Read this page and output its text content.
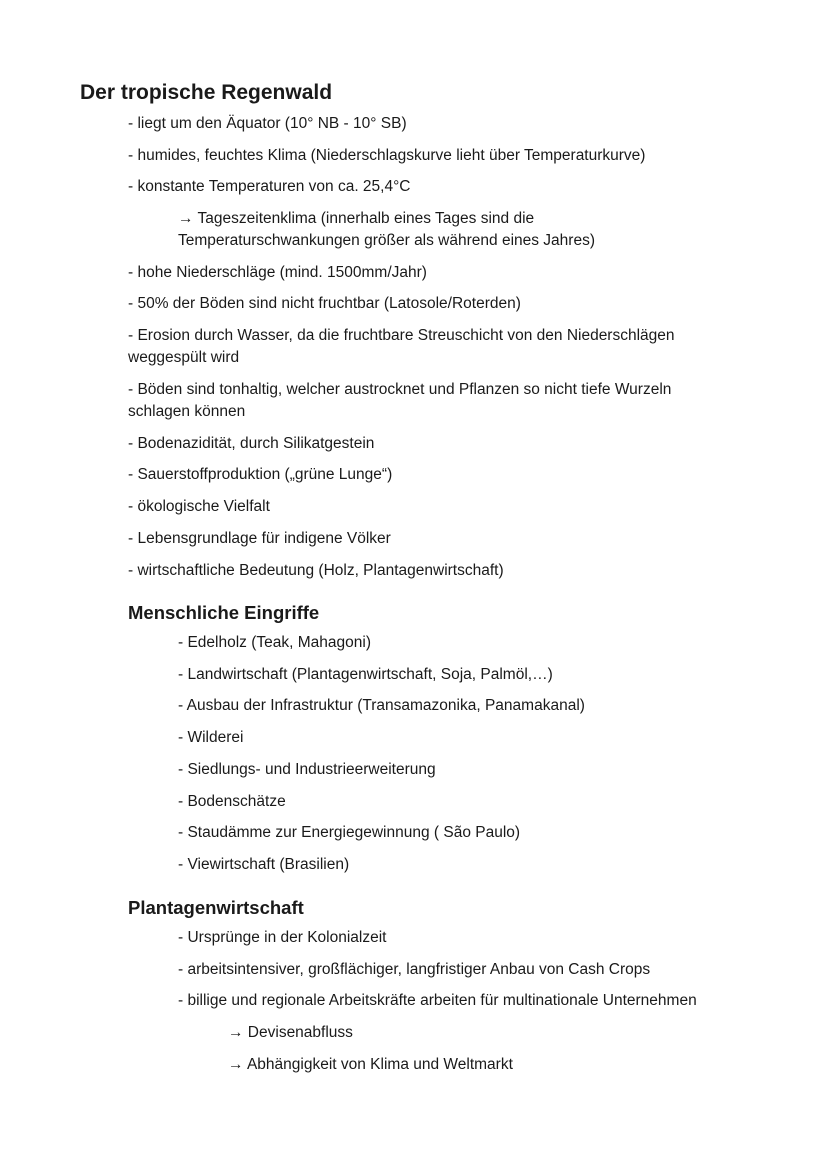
Der tropische Regenwald

- liegt um den Äquator (10° NB - 10° SB)

- humides, feuchtes Klima (Niederschlagskurve lieht über Temperaturkurve)

- konstante Temperaturen von ca. 25,4°C

→ Tageszeitenklima (innerhalb eines Tages sind die

Temperaturschwankungen größer als während eines Jahres)

- hohe Niederschläge (mind. 1500mm/Jahr)

- 50% der Böden sind nicht fruchtbar (Latosole/Roterden)

- Erosion durch Wasser, da die fruchtbare Streuschicht von den Niederschlägen

weggespült wird

- Böden sind tonhaltig, welcher austrocknet und Pflanzen so nicht tiefe Wurzeln

schlagen können

- Bodenazidität, durch Silikatgestein

- Sauerstoffproduktion („grüne Lunge“)

- ökologische Vielfalt

- Lebensgrundlage für indigene Völker

- wirtschaftliche Bedeutung (Holz, Plantagenwirtschaft)

Menschliche Eingriffe

- Edelholz (Teak, Mahagoni)

- Landwirtschaft (Plantagenwirtschaft, Soja, Palmöl,…)

- Ausbau der Infrastruktur (Transamazonika, Panamakanal)

- Wilderei

- Siedlungs- und Industrieerweiterung

- Bodenschätze

- Staudämme zur Energiegewinnung ( São Paulo)

- Viewirtschaft (Brasilien)

Plantagenwirtschaft

- Ursprünge in der Kolonialzeit

- arbeitsintensiver, großflächiger, langfristiger Anbau von Cash Crops

- billige und regionale Arbeitskräfte arbeiten für multinationale Unternehmen

→ Devisenabfluss

→ Abhängigkeit von Klima und Weltmarkt
